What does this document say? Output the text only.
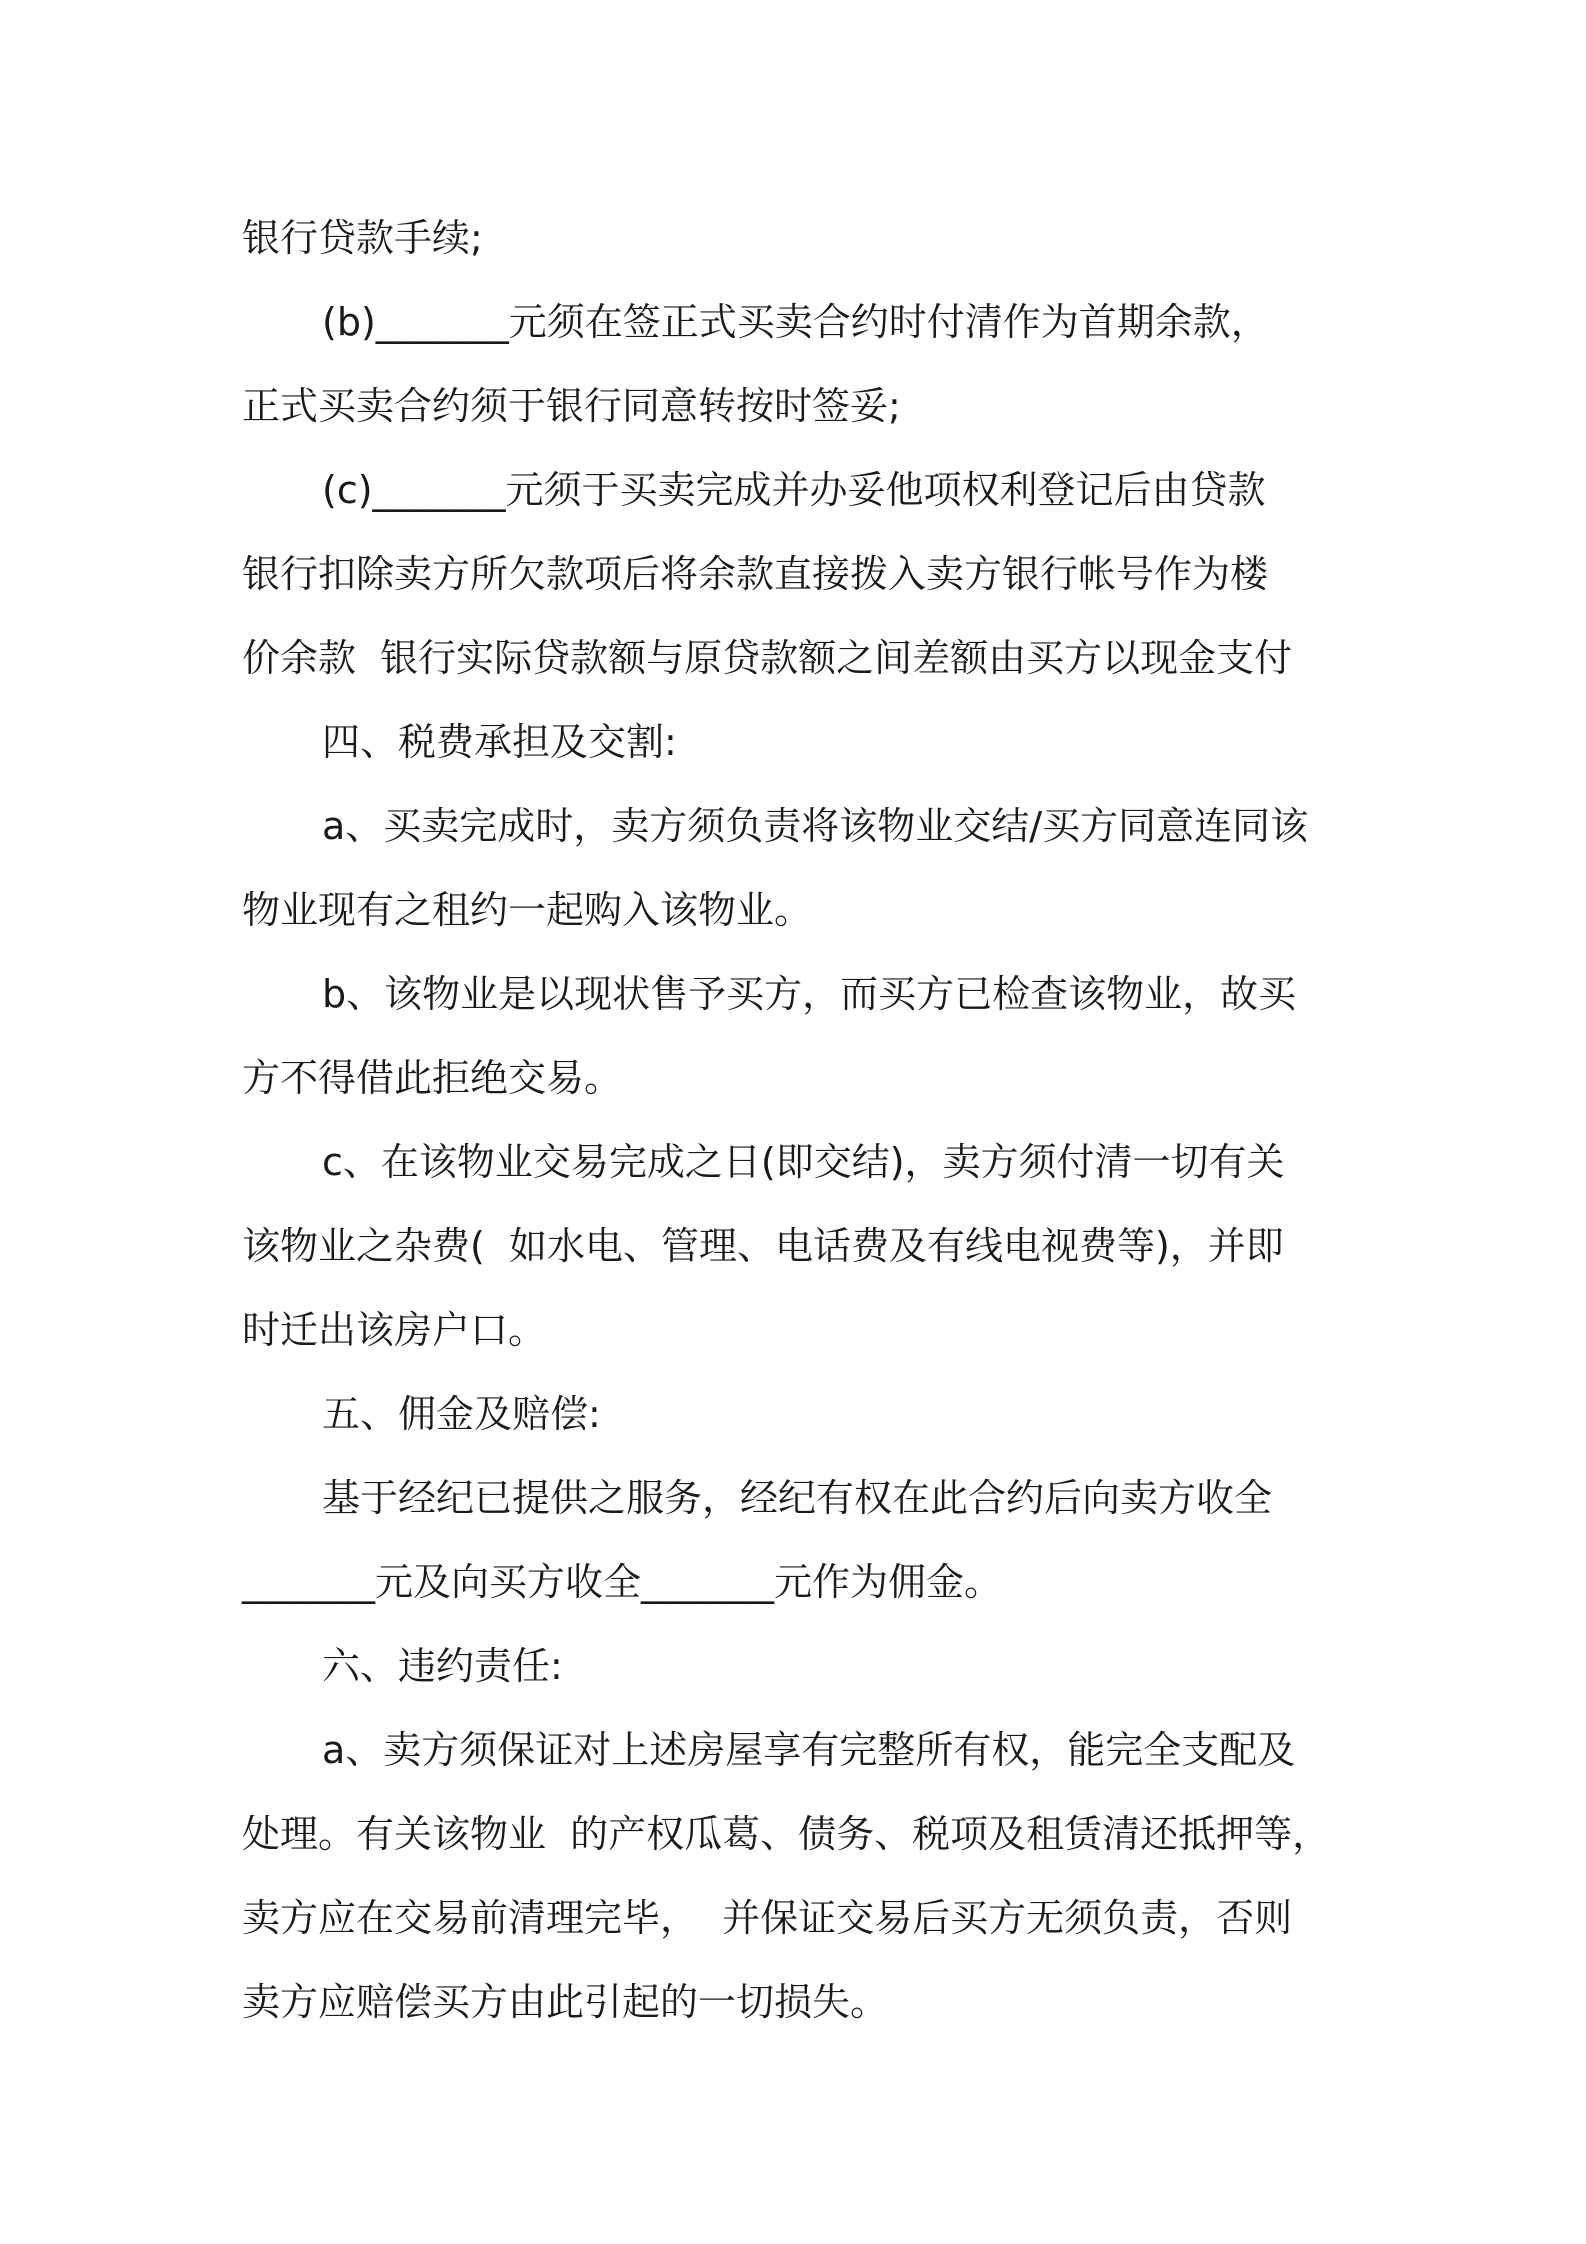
银行贷款手续;
(b)_______元须在签正式买卖合约时付清作为首期余款，
正式买卖合约须于银行同意转按时签妥;
(c)_______元须于买卖完成并办妥他项权利登记后由贷款
银行扣除卖方所欠款项后将余款直接拨入卖方银行帐号作为楼
价余款  银行实际贷款额与原贷款额之间差额由买方以现金支付
四、税费承担及交割:
a、买卖完成时，卖方须负责将该物业交结/买方同意连同该
物业现有之租约一起购入该物业。
b、该物业是以现状售予买方，而买方已检查该物业，故买
方不得借此拒绝交易。
c、在该物业交易完成之日(即交结)，卖方须付清一切有关
该物业之杂费(  如水电、管理、电话费及有线电视费等)，并即
时迁出该房户口。
五、佣金及赔偿:
基于经纪已提供之服务，经纪有权在此合约后向卖方收全
_______元及向买方收全_______元作为佣金。
六、违约责任:
a、卖方须保证对上述房屋享有完整所有权，能完全支配及
处理。有关该物业  的产权瓜葛、债务、税项及租赁清还抵押等，
卖方应在交易前清理完毕，  并保证交易后买方无须负责，否则
卖方应赔偿买方由此引起的一切损失。
